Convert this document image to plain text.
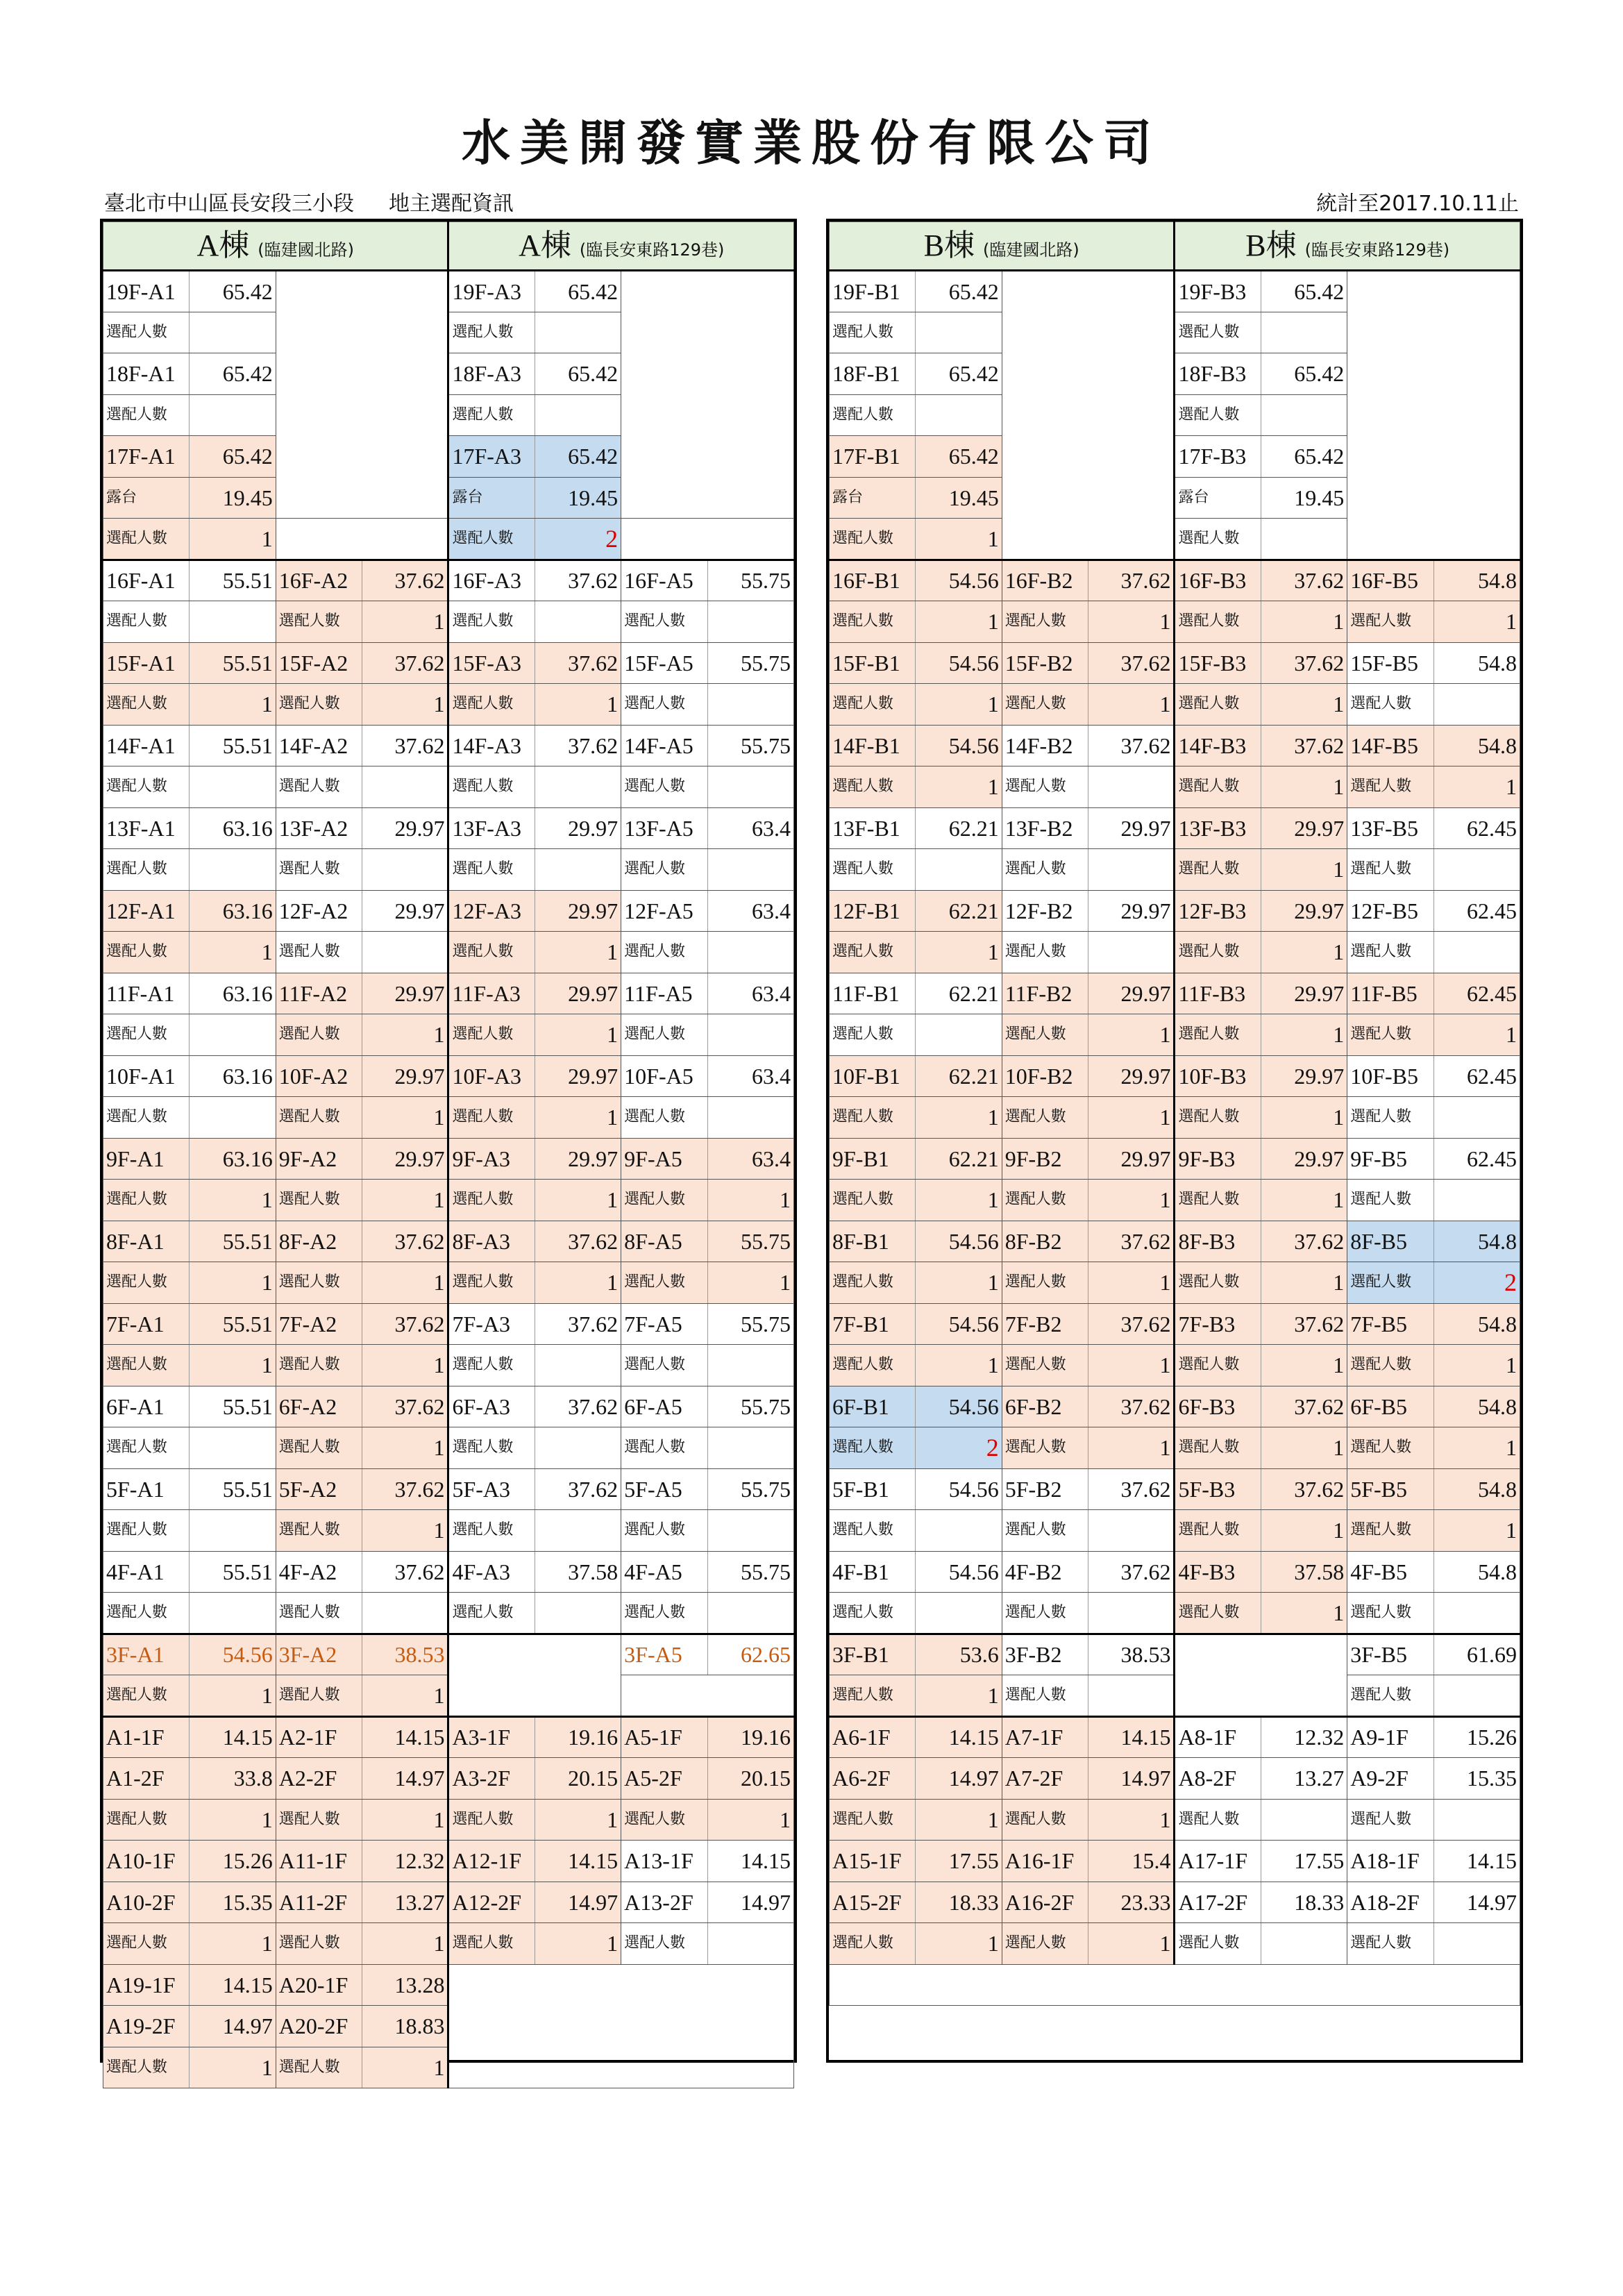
水美開發實業股份有限公司
臺北市中山區長安段三小段 地主選配資訊	統計至2017.10.11止
A棟 (臨建國北路)				A棟 (臨長安東路129巷)			
19F-A1	65.42			19F-A3	65.42		
選配人數				選配人數			
18F-A1	65.42			18F-A3	65.42		
選配人數				選配人數			
17F-A1	65.42			17F-A3	65.42		
露台	19.45			露台	19.45		
選配人數	1			選配人數	2		
16F-A1	55.51	16F-A2	37.62	16F-A3	37.62	16F-A5	55.75
選配人數		選配人數	1	選配人數		選配人數	
15F-A1	55.51	15F-A2	37.62	15F-A3	37.62	15F-A5	55.75
選配人數	1	選配人數	1	選配人數	1	選配人數	
14F-A1	55.51	14F-A2	37.62	14F-A3	37.62	14F-A5	55.75
選配人數		選配人數		選配人數		選配人數	
13F-A1	63.16	13F-A2	29.97	13F-A3	29.97	13F-A5	63.4
選配人數		選配人數		選配人數		選配人數	
12F-A1	63.16	12F-A2	29.97	12F-A3	29.97	12F-A5	63.4
選配人數	1	選配人數		選配人數	1	選配人數	
11F-A1	63.16	11F-A2	29.97	11F-A3	29.97	11F-A5	63.4
選配人數		選配人數	1	選配人數	1	選配人數	
10F-A1	63.16	10F-A2	29.97	10F-A3	29.97	10F-A5	63.4
選配人數		選配人數	1	選配人數	1	選配人數	
9F-A1	63.16	9F-A2	29.97	9F-A3	29.97	9F-A5	63.4
選配人數	1	選配人數	1	選配人數	1	選配人數	1
8F-A1	55.51	8F-A2	37.62	8F-A3	37.62	8F-A5	55.75
選配人數	1	選配人數	1	選配人數	1	選配人數	1
7F-A1	55.51	7F-A2	37.62	7F-A3	37.62	7F-A5	55.75
選配人數	1	選配人數	1	選配人數		選配人數	
6F-A1	55.51	6F-A2	37.62	6F-A3	37.62	6F-A5	55.75
選配人數		選配人數	1	選配人數		選配人數	
5F-A1	55.51	5F-A2	37.62	5F-A3	37.62	5F-A5	55.75
選配人數		選配人數	1	選配人數		選配人數	
4F-A1	55.51	4F-A2	37.62	4F-A3	37.58	4F-A5	55.75
選配人數		選配人數		選配人數		選配人數	
3F-A1	54.56	3F-A2	38.53			3F-A5	62.65
選配人數	1	選配人數	1				
A1-1F	14.15	A2-1F	14.15	A3-1F	19.16	A5-1F	19.16
A1-2F	33.8	A2-2F	14.97	A3-2F	20.15	A5-2F	20.15
選配人數	1	選配人數	1	選配人數	1	選配人數	1
A10-1F	15.26	A11-1F	12.32	A12-1F	14.15	A13-1F	14.15
A10-2F	15.35	A11-2F	13.27	A12-2F	14.97	A13-2F	14.97
選配人數	1	選配人數	1	選配人數	1	選配人數	
A19-1F	14.15	A20-1F	13.28				
A19-2F	14.97	A20-2F	18.83				
選配人數	1	選配人數	1				
B棟 (臨建國北路)				B棟 (臨長安東路129巷)			
19F-B1	65.42			19F-B3	65.42		
選配人數				選配人數			
18F-B1	65.42			18F-B3	65.42		
選配人數				選配人數			
17F-B1	65.42			17F-B3	65.42		
露台	19.45			露台	19.45		
選配人數	1			選配人數			
16F-B1	54.56	16F-B2	37.62	16F-B3	37.62	16F-B5	54.8
選配人數	1	選配人數	1	選配人數	1	選配人數	1
15F-B1	54.56	15F-B2	37.62	15F-B3	37.62	15F-B5	54.8
選配人數	1	選配人數	1	選配人數	1	選配人數	
14F-B1	54.56	14F-B2	37.62	14F-B3	37.62	14F-B5	54.8
選配人數	1	選配人數		選配人數	1	選配人數	1
13F-B1	62.21	13F-B2	29.97	13F-B3	29.97	13F-B5	62.45
選配人數		選配人數		選配人數	1	選配人數	
12F-B1	62.21	12F-B2	29.97	12F-B3	29.97	12F-B5	62.45
選配人數	1	選配人數		選配人數	1	選配人數	
11F-B1	62.21	11F-B2	29.97	11F-B3	29.97	11F-B5	62.45
選配人數		選配人數	1	選配人數	1	選配人數	1
10F-B1	62.21	10F-B2	29.97	10F-B3	29.97	10F-B5	62.45
選配人數	1	選配人數	1	選配人數	1	選配人數	
9F-B1	62.21	9F-B2	29.97	9F-B3	29.97	9F-B5	62.45
選配人數	1	選配人數	1	選配人數	1	選配人數	
8F-B1	54.56	8F-B2	37.62	8F-B3	37.62	8F-B5	54.8
選配人數	1	選配人數	1	選配人數	1	選配人數	2
7F-B1	54.56	7F-B2	37.62	7F-B3	37.62	7F-B5	54.8
選配人數	1	選配人數	1	選配人數	1	選配人數	1
6F-B1	54.56	6F-B2	37.62	6F-B3	37.62	6F-B5	54.8
選配人數	2	選配人數	1	選配人數	1	選配人數	1
5F-B1	54.56	5F-B2	37.62	5F-B3	37.62	5F-B5	54.8
選配人數		選配人數		選配人數	1	選配人數	1
4F-B1	54.56	4F-B2	37.62	4F-B3	37.58	4F-B5	54.8
選配人數		選配人數		選配人數	1	選配人數	
3F-B1	53.6	3F-B2	38.53			3F-B5	61.69
選配人數	1	選配人數				選配人數	
A6-1F	14.15	A7-1F	14.15	A8-1F	12.32	A9-1F	15.26
A6-2F	14.97	A7-2F	14.97	A8-2F	13.27	A9-2F	15.35
選配人數	1	選配人數	1	選配人數		選配人數	
A15-1F	17.55	A16-1F	15.4	A17-1F	17.55	A18-1F	14.15
A15-2F	18.33	A16-2F	23.33	A17-2F	18.33	A18-2F	14.97
選配人數	1	選配人數	1	選配人數		選配人數	
